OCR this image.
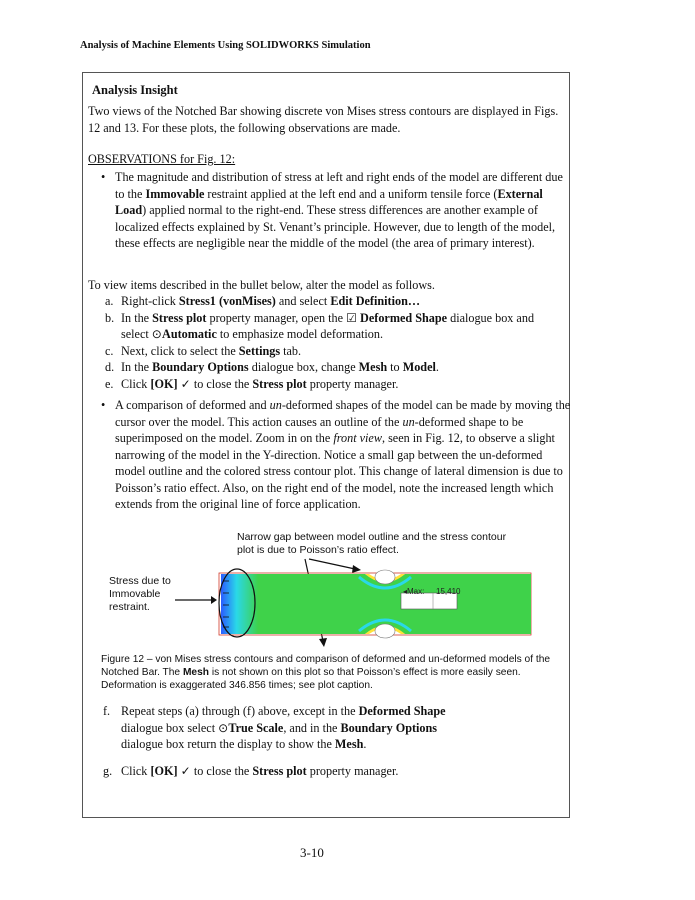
Analysis of Machine Elements Using SOLIDWORKS Simulation
Analysis Insight
Two views of the Notched Bar showing discrete von Mises stress contours are displayed in Figs. 12 and 13. For these plots, the following observations are made.
OBSERVATIONS for Fig. 12:
• The magnitude and distribution of stress at left and right ends of the model are different due to the Immovable restraint applied at the left end and a uniform tensile force (External Load) applied normal to the right-end. These stress differences are another example of localized effects explained by St. Venant’s principle. However, due to length of the model, these effects are negligible near the middle of the model (the area of primary interest).
To view items described in the bullet below, alter the model as follows.
a. Right-click Stress1 (vonMises) and select Edit Definition…
b. In the Stress plot property manager, open the ☑ Deformed Shape dialogue box and select ⊙Automatic to emphasize model deformation.
c. Next, click to select the Settings tab.
d. In the Boundary Options dialogue box, change Mesh to Model.
e. Click [OK] ✓ to close the Stress plot property manager.
• A comparison of deformed and un-deformed shapes of the model can be made by moving the cursor over the model. This action causes an outline of the un-deformed shape to be superimposed on the model. Zoom in on the front view, seen in Fig. 12, to observe a slight narrowing of the model in the Y-direction. Notice a small gap between the un-deformed model outline and the colored stress contour plot. This change of lateral dimension is due to Poisson’s ratio effect. Also, on the right end of the model, note the increased length which extends from the original line of force application.
Narrow gap between model outline and the stress contour plot is due to Poisson’s ratio effect.
Stress due to
Immovable
restraint.
◂Max: 15,410
Figure 12 – von Mises stress contours and comparison of deformed and un-deformed models of the Notched Bar. The Mesh is not shown on this plot so that Poisson’s effect is more easily seen. Deformation is exaggerated 346.856 times; see plot caption.
f. Repeat steps (a) through (f) above, except in the Deformed Shape dialogue box select ⊙True Scale, and in the Boundary Options dialogue box return the display to show the Mesh.
g. Click [OK] ✓ to close the Stress plot property manager.
3-10
